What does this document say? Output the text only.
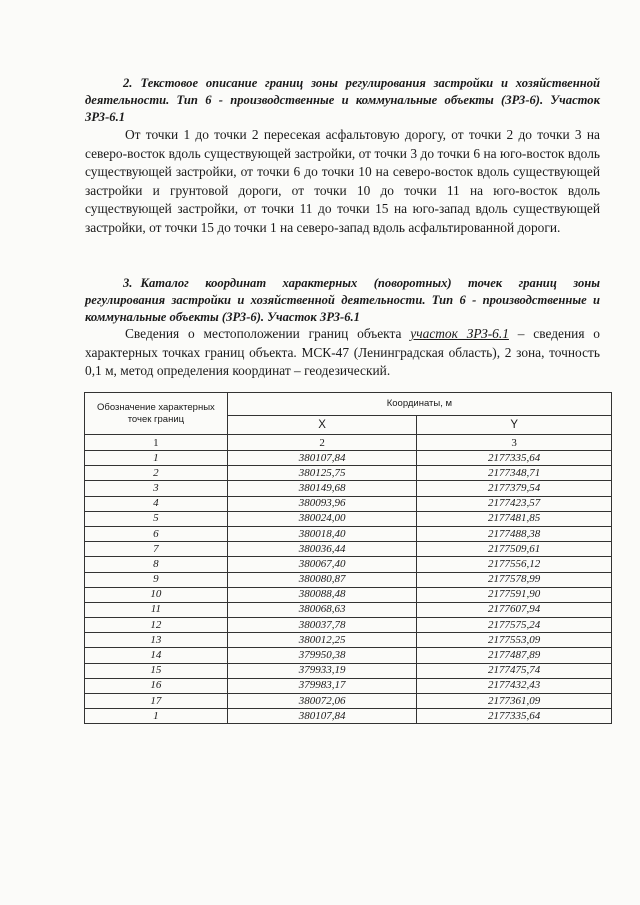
2. Текстовое описание границ зоны регулирования застройки и хозяйственной деятельности. Тип 6 - производственные и коммунальные объекты (ЗРЗ-6). Участок ЗРЗ-6.1
От точки 1 до точки 2 пересекая асфальтовую дорогу, от точки 2 до точки 3 на северо-восток вдоль существующей застройки, от точки 3 до точки 6 на юго-восток вдоль существующей застройки, от точки 6 до точки 10 на северо-восток вдоль существующей застройки и грунтовой дороги, от точки 10 до точки 11 на юго-восток вдоль существующей застройки, от точки 11 до точки 15 на юго-запад вдоль существующей застройки, от точки 15 до точки 1 на северо-запад вдоль асфальтированной дороги.
3. Каталог координат характерных (поворотных) точек границ зоны регулирования застройки и хозяйственной деятельности. Тип 6 - производственные и коммунальные объекты (ЗРЗ-6). Участок ЗРЗ-6.1
Сведения о местоположении границ объекта участок ЗРЗ-6.1 – сведения о характерных точках границ объекта. МСК-47 (Ленинградская область), 2 зона, точность 0,1 м, метод определения координат – геодезический.
Обозначение характерных точек границ	Координаты, м	
	X	Y
1	2	3
1	380107,84	2177335,64
2	380125,75	2177348,71
3	380149,68	2177379,54
4	380093,96	2177423,57
5	380024,00	2177481,85
6	380018,40	2177488,38
7	380036,44	2177509,61
8	380067,40	2177556,12
9	380080,87	2177578,99
10	380088,48	2177591,90
11	380068,63	2177607,94
12	380037,78	2177575,24
13	380012,25	2177553,09
14	379950,38	2177487,89
15	379933,19	2177475,74
16	379983,17	2177432,43
17	380072,06	2177361,09
1	380107,84	2177335,64
